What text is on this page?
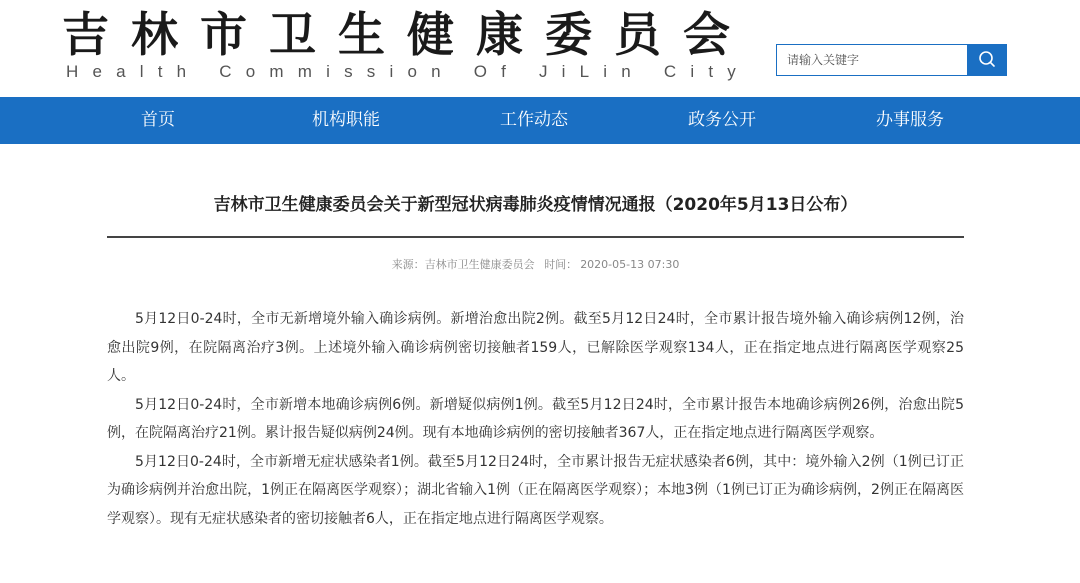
吉林市卫生健康委员会
Health Commission Of JiLin City
请输入关键字
首页	机构职能	工作动态	政务公开	办事服务
吉林市卫生健康委员会关于新型冠状病毒肺炎疫情情况通报（2020年5月13日公布）
来源：吉林市卫生健康委员会 时间： 2020-05-13 07:30

5月12日0-24时，全市无新增境外输入确诊病例。新增治愈出院2例。截至5月12日24时，全市累计报告境外输入确诊病例12例，治愈出院9例，在院隔离治疗3例。上述境外输入确诊病例密切接触者159人，已解除医学观察134人，正在指定地点进行隔离医学观察25人。

5月12日0-24时，全市新增本地确诊病例6例。新增疑似病例1例。截至5月12日24时，全市累计报告本地确诊病例26例，治愈出院5例，在院隔离治疗21例。累计报告疑似病例24例。现有本地确诊病例的密切接触者367人，正在指定地点进行隔离医学观察。

5月12日0-24时，全市新增无症状感染者1例。截至5月12日24时，全市累计报告无症状感染者6例，其中：境外输入2例（1例已订正为确诊病例并治愈出院，1例正在隔离医学观察）；湖北省输入1例（正在隔离医学观察）；本地3例（1例已订正为确诊病例，2例正在隔离医学观察）。现有无症状感染者的密切接触者6人，正在指定地点进行隔离医学观察。
